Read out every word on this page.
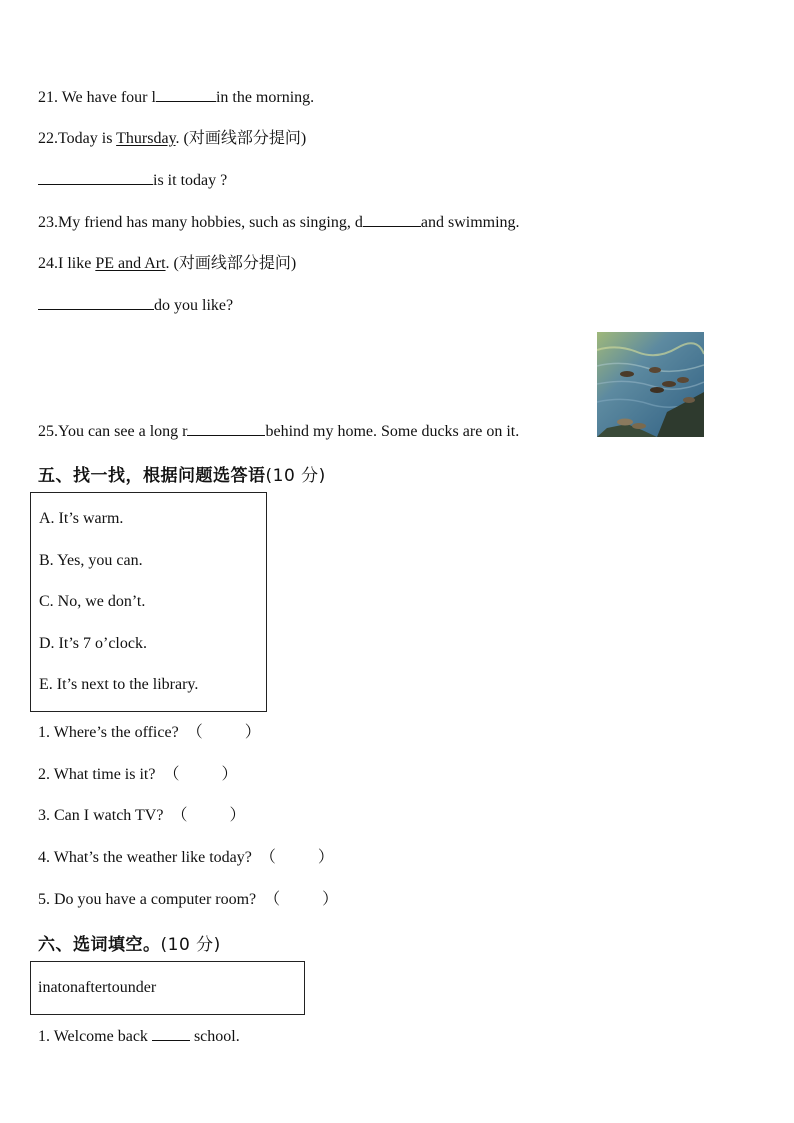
21. We have four l	in the morning.
22.Today is Thursday. (对画线部分提问)
is it today ?
23.My friend has many hobbies, such as singing, d	and swimming.
24.I like PE and Art. (对画线部分提问)
do you like?
25.You can see a long r	behind my home. Some ducks are on it.
五、找一找，根据问题选答语(10 分)
A. It’s warm.
B. Yes, you can.
C. No, we don’t.
D. It’s 7 o’clock.
E. It’s next to the library.
1. Where’s the office? （	）
2. What time is it? （	）
3. Can I watch TV? （	）
4. What’s the weather like today? （	）
5. Do you have a computer room? （	）
六、选词填空。(10 分)
inatonaftertounder
1. Welcome back  school.
